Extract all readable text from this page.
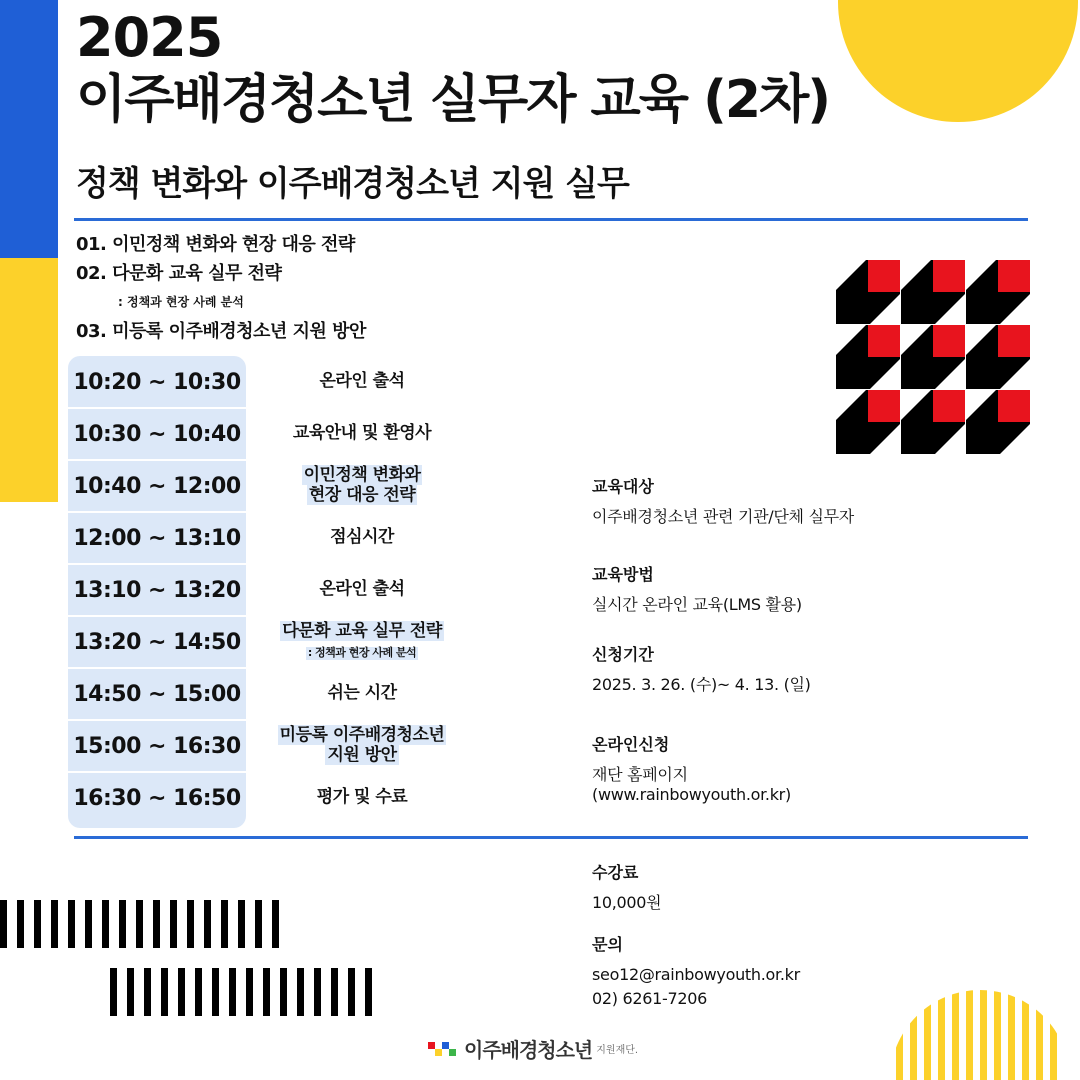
2025
이주배경청소년 실무자 교육 (2차)
정책 변화와 이주배경청소년 지원 실무
01. 이민정책 변화와 현장 대응 전략
02. 다문화 교육 실무 전략
: 정책과 현장 사례 분석
03. 미등록 이주배경청소년 지원 방안
10:20 ~ 10:30	온라인 출석
10:30 ~ 10:40	교육안내 및 환영사
10:40 ~ 12:00	이민정책 변화와
현장 대응 전략
12:00 ~ 13:10	점심시간
13:10 ~ 13:20	온라인 출석
13:20 ~ 14:50	다문화 교육 실무 전략
: 정책과 현장 사례 분석
14:50 ~ 15:00	쉬는 시간
15:00 ~ 16:30	미등록 이주배경청소년
지원 방안
16:30 ~ 16:50	평가 및 수료
교육대상
이주배경청소년 관련 기관/단체 실무자
교육방법
실시간 온라인 교육(LMS 활용)
신청기간
2025. 3. 26. (수)~ 4. 13. (일)
온라인신청
재단 홈페이지
(www.rainbowyouth.or.kr)
수강료
10,000원
문의
seo12@rainbowyouth.or.kr
02) 6261-7206
이주배경청소년 지원재단.
